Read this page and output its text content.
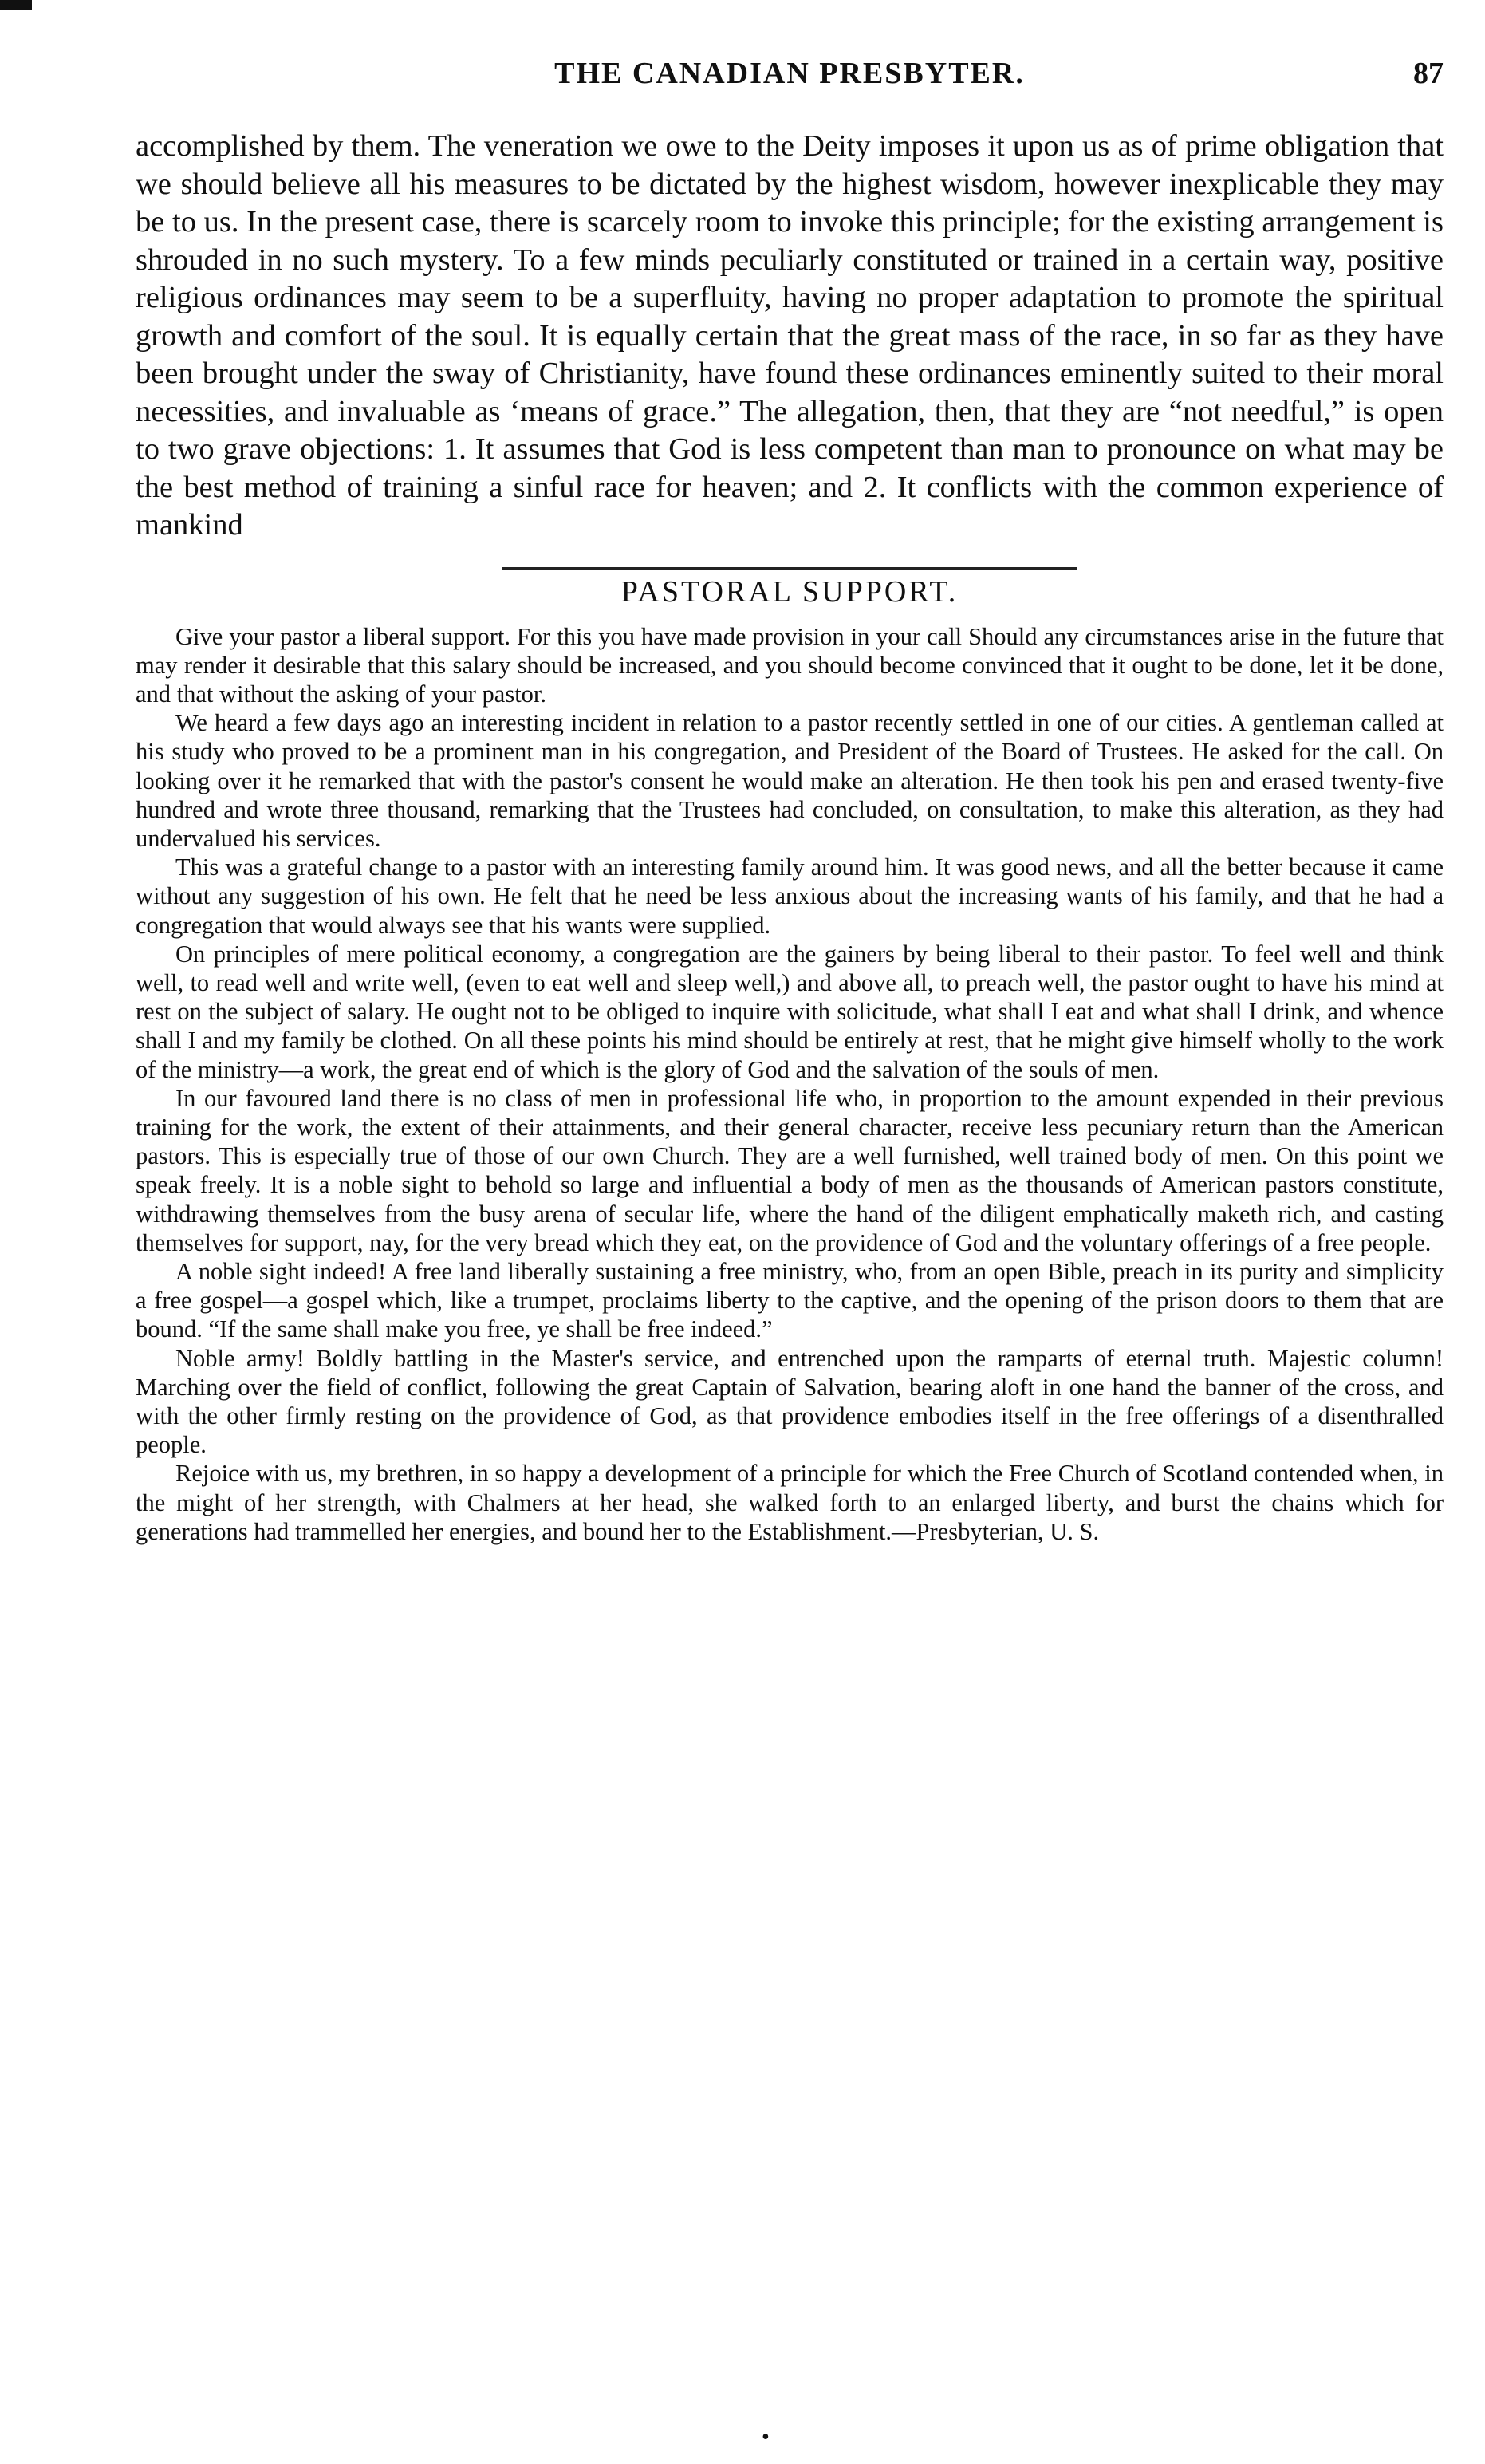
THE CANADIAN PRESBYTER.	87

accomplished by them. The veneration we owe to the Deity imposes it upon us as of prime obligation that we should believe all his measures to be dictated by the highest wisdom, however inexplicable they may be to us. In the present case, there is scarcely room to invoke this principle; for the existing arrangement is shrouded in no such mystery. To a few minds peculiarly constituted or trained in a certain way, positive religious ordinances may seem to be a superfluity, having no proper adaptation to promote the spiritual growth and comfort of the soul. It is equally certain that the great mass of the race, in so far as they have been brought under the sway of Christianity, have found these ordinances eminently suited to their moral necessities, and invaluable as ‘means of grace.” The allegation, then, that they are “not needful,” is open to two grave objections: 1. It assumes that God is less competent than man to pronounce on what may be the best method of training a sinful race for heaven; and 2. It conflicts with the common experience of mankind

PASTORAL SUPPORT.

Give your pastor a liberal support. For this you have made provision in your call Should any circumstances arise in the future that may render it desirable that this salary should be increased, and you should become convinced that it ought to be done, let it be done, and that without the asking of your pastor.

We heard a few days ago an interesting incident in relation to a pastor recently settled in one of our cities. A gentleman called at his study who proved to be a prominent man in his congregation, and President of the Board of Trustees. He asked for the call. On looking over it he remarked that with the pastor's consent he would make an alteration. He then took his pen and erased twenty-five hundred and wrote three thousand, remarking that the Trustees had concluded, on consultation, to make this alteration, as they had undervalued his services.

This was a grateful change to a pastor with an interesting family around him. It was good news, and all the better because it came without any suggestion of his own. He felt that he need be less anxious about the increasing wants of his family, and that he had a congregation that would always see that his wants were supplied.

On principles of mere political economy, a congregation are the gainers by being liberal to their pastor. To feel well and think well, to read well and write well, (even to eat well and sleep well,) and above all, to preach well, the pastor ought to have his mind at rest on the subject of salary. He ought not to be obliged to inquire with solicitude, what shall I eat and what shall I drink, and whence shall I and my family be clothed. On all these points his mind should be entirely at rest, that he might give himself wholly to the work of the ministry—a work, the great end of which is the glory of God and the salvation of the souls of men.

In our favoured land there is no class of men in professional life who, in proportion to the amount expended in their previous training for the work, the extent of their attainments, and their general character, receive less pecuniary return than the American pastors. This is especially true of those of our own Church. They are a well furnished, well trained body of men. On this point we speak freely. It is a noble sight to behold so large and influential a body of men as the thousands of American pastors constitute, withdrawing themselves from the busy arena of secular life, where the hand of the diligent emphatically maketh rich, and casting themselves for support, nay, for the very bread which they eat, on the providence of God and the voluntary offerings of a free people.

A noble sight indeed! A free land liberally sustaining a free ministry, who, from an open Bible, preach in its purity and simplicity a free gospel—a gospel which, like a trumpet, proclaims liberty to the captive, and the opening of the prison doors to them that are bound. “If the same shall make you free, ye shall be free indeed.”

Noble army! Boldly battling in the Master's service, and entrenched upon the ramparts of eternal truth. Majestic column! Marching over the field of conflict, following the great Captain of Salvation, bearing aloft in one hand the banner of the cross, and with the other firmly resting on the providence of God, as that providence embodies itself in the free offerings of a disenthralled people.

Rejoice with us, my brethren, in so happy a development of a principle for which the Free Church of Scotland contended when, in the might of her strength, with Chalmers at her head, she walked forth to an enlarged liberty, and burst the chains which for generations had trammelled her energies, and bound her to the Establishment.—Presbyterian, U. S.

•
